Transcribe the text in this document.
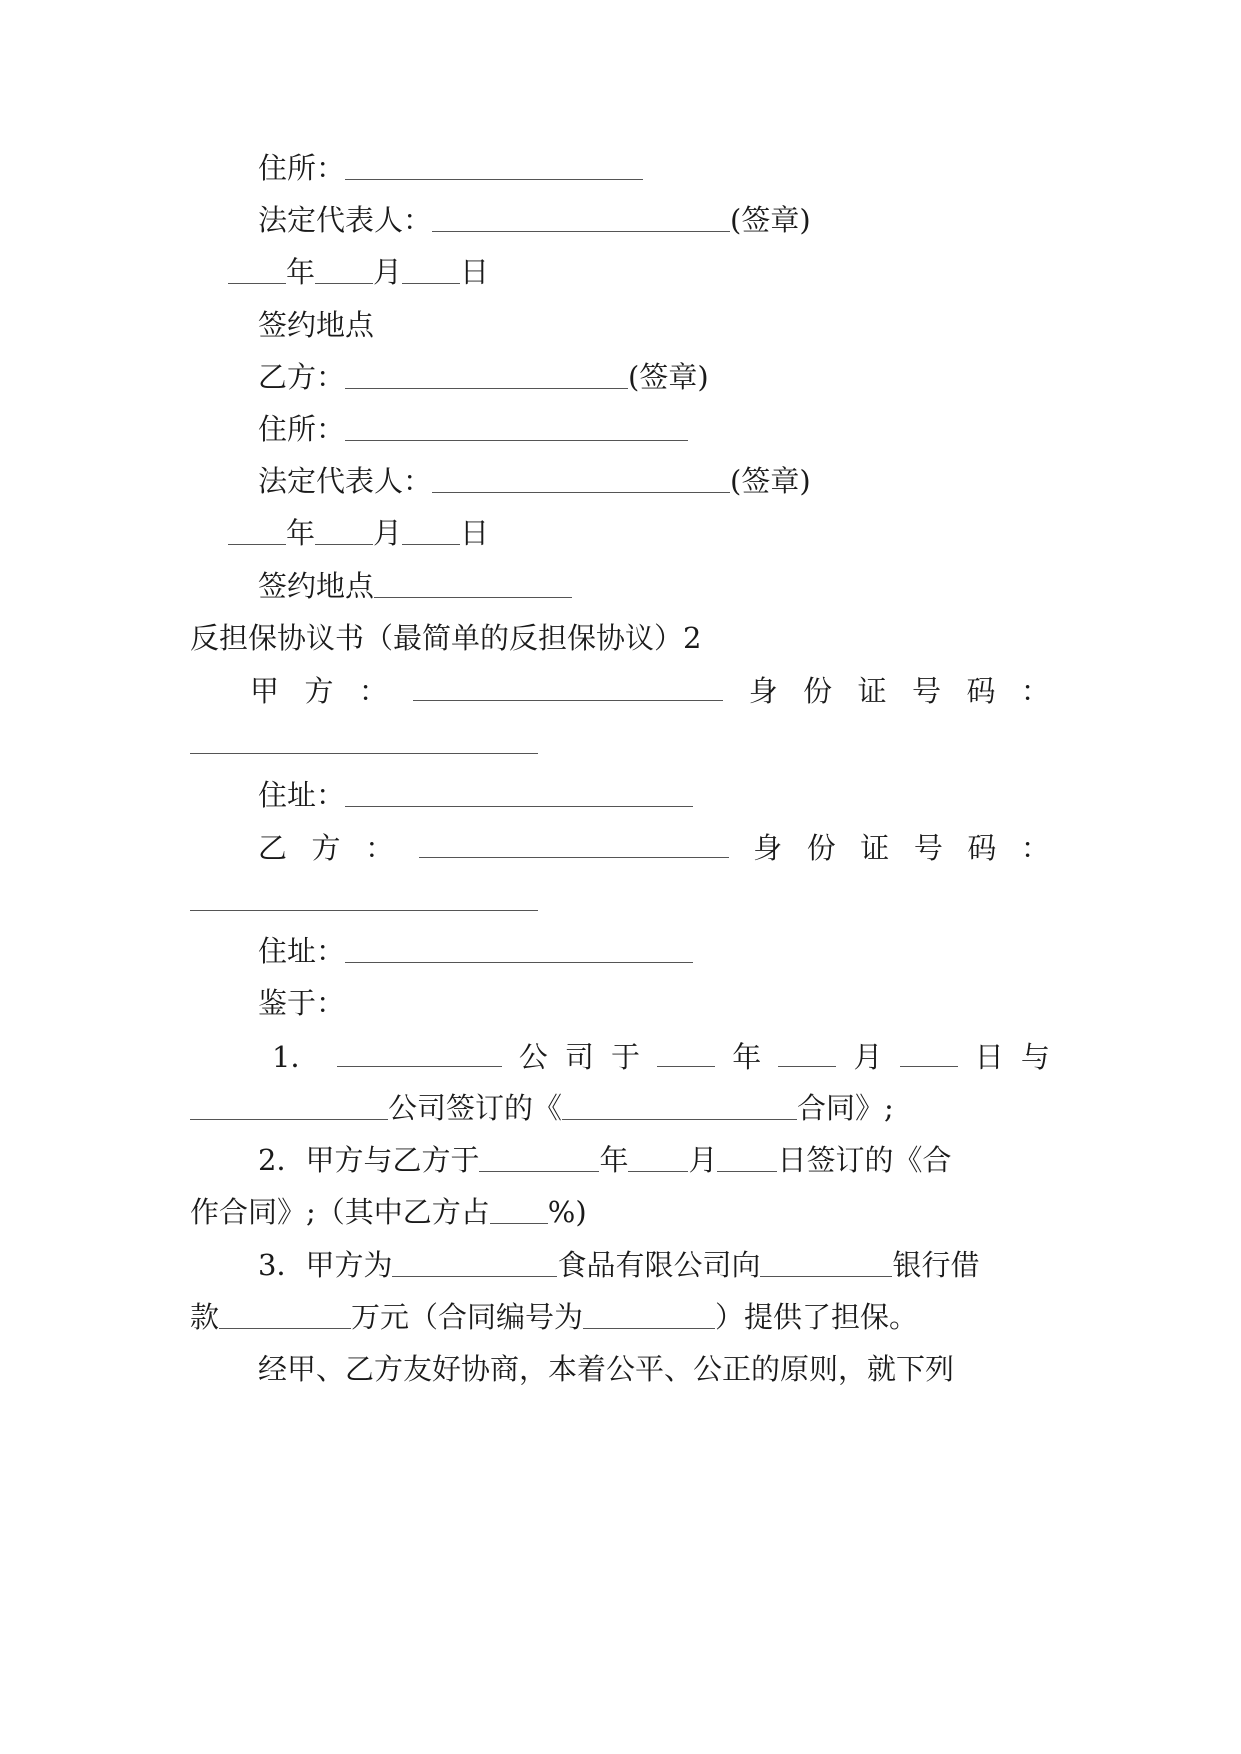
住所：
法定代表人：	(签章)
年 月 日
签约地点
乙方：	(签章)
住所：
法定代表人：	(签章)
年 月 日
签约地点
反担保协议书（最简单的反担保协议）2
甲 方 ：	身 份 证 号 码 ：
住址：
乙 方 ：	身 份 证 号 码 ：
住址：
鉴于：
1．	公 司 于	年	月	日 与
公司签订的《	合同》;
2．甲方与乙方于	年 月 日签订的《合
作合同》;（其中乙方占 %)
3．甲方为	食品有限公司向	银行借
款	万元（合同编号为	）提供了担保。
经甲、乙方友好协商，本着公平、公正的原则，就下列
